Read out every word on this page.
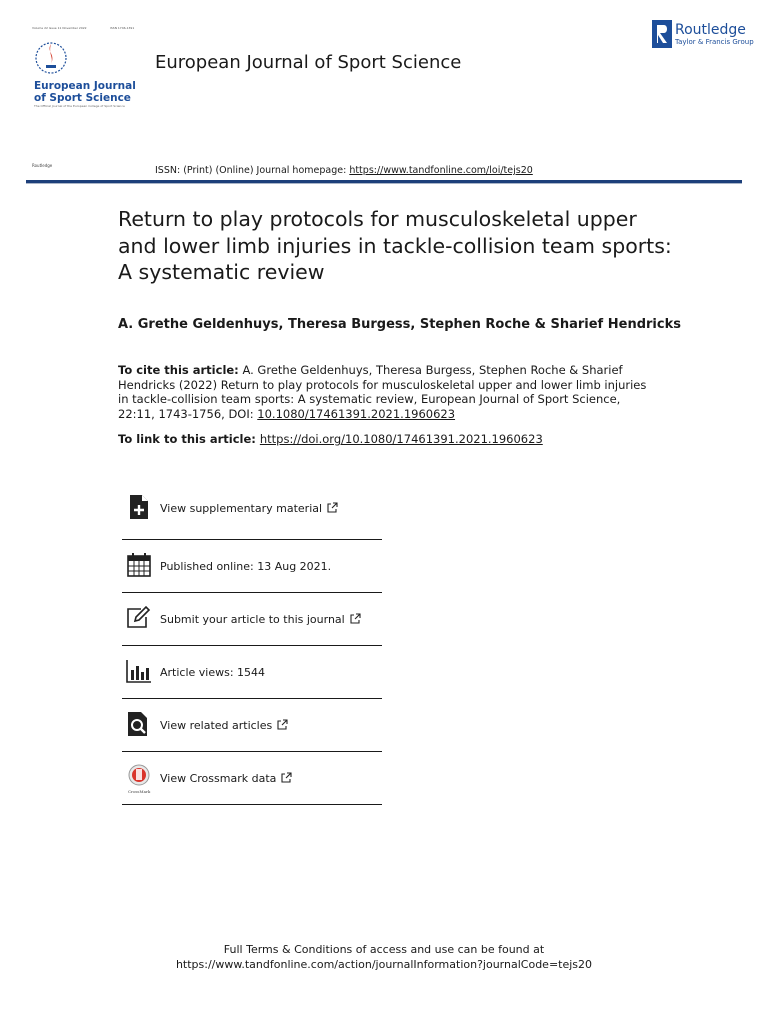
Volume 22 Issue 11 November 2022	ISSN 1746-1391
European Journal
of Sport Science
The Official Journal of the European College of Sport Science
European Journal of Sport Science
Routledge
Taylor & Francis Group
Routledge	ISSN: (Print) (Online) Journal homepage: https://www.tandfonline.com/loi/tejs20
Return to play protocols for musculoskeletal upper and lower limb injuries in tackle-collision team sports: A systematic review
A. Grethe Geldenhuys, Theresa Burgess, Stephen Roche & Sharief Hendricks
To cite this article: A. Grethe Geldenhuys, Theresa Burgess, Stephen Roche & Sharief Hendricks (2022) Return to play protocols for musculoskeletal upper and lower limb injuries in tackle-collision team sports: A systematic review, European Journal of Sport Science, 22:11, 1743-1756, DOI: 10.1080/17461391.2021.1960623
To link to this article: https://doi.org/10.1080/17461391.2021.1960623
View supplementary material
Published online: 13 Aug 2021.
Submit your article to this journal
Article views: 1544
View related articles
CrossMark
View Crossmark data
Full Terms & Conditions of access and use can be found at
https://www.tandfonline.com/action/journalInformation?journalCode=tejs20
